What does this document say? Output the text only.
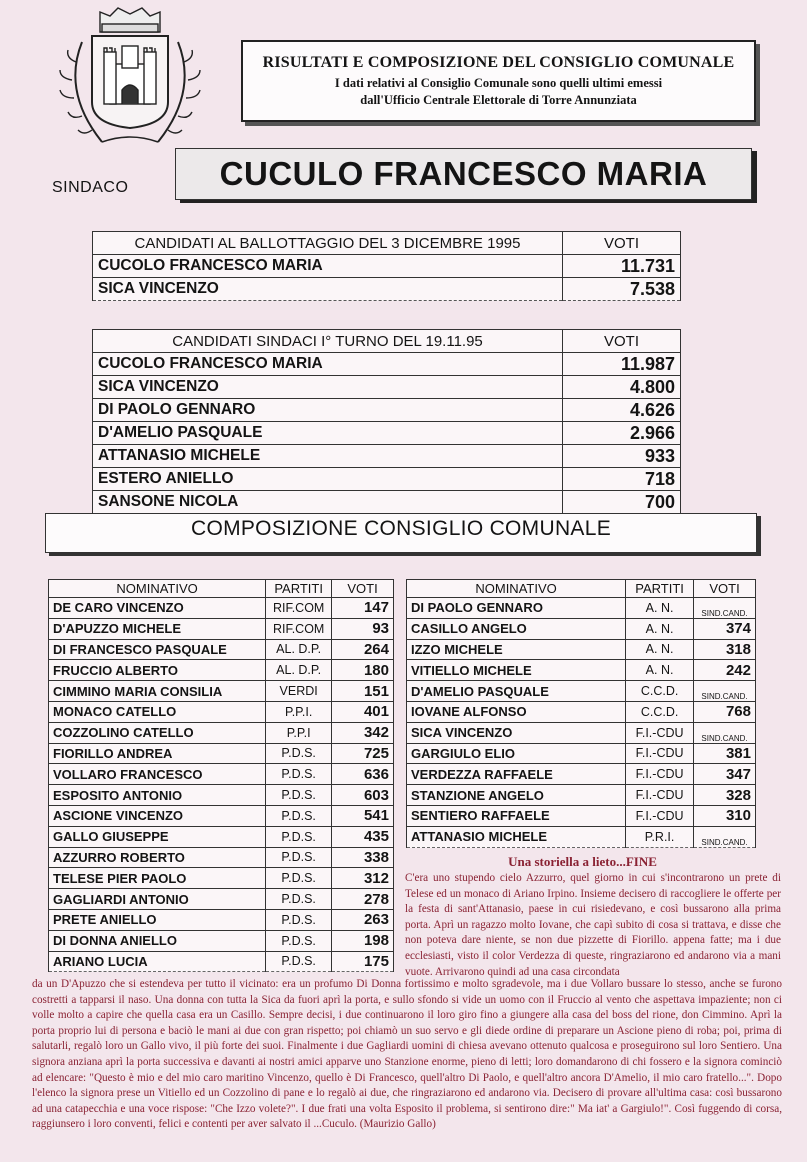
RISULTATI E COMPOSIZIONE DEL CONSIGLIO COMUNALE
I dati relativi al Consiglio Comunale sono quelli ultimi emessi
dall'Ufficio Centrale Elettorale di Torre Annunziata
SINDACO	CUCULO FRANCESCO MARIA
CANDIDATI AL BALLOTTAGGIO DEL 3 DICEMBRE 1995	VOTI
CUCOLO FRANCESCO MARIA	11.731
SICA VINCENZO	7.538
CANDIDATI SINDACI I° TURNO DEL 19.11.95	VOTI
CUCOLO FRANCESCO MARIA	11.987
SICA VINCENZO	4.800
DI PAOLO GENNARO	4.626
D'AMELIO PASQUALE	2.966
ATTANASIO MICHELE	933
ESTERO ANIELLO	718
SANSONE NICOLA	700
COMPOSIZIONE CONSIGLIO COMUNALE
NOMINATIVO	PARTITI	VOTI
DE CARO VINCENZO	RIF.COM	147
D'APUZZO MICHELE	RIF.COM	93
DI FRANCESCO PASQUALE	AL. D.P.	264
FRUCCIO ALBERTO	AL. D.P.	180
CIMMINO MARIA CONSILIA	VERDI	151
MONACO CATELLO	P.P.I.	401
COZZOLINO CATELLO	P.P.I	342
FIORILLO ANDREA	P.D.S.	725
VOLLARO FRANCESCO	P.D.S.	636
ESPOSITO ANTONIO	P.D.S.	603
ASCIONE VINCENZO	P.D.S.	541
GALLO GIUSEPPE	P.D.S.	435
AZZURRO ROBERTO	P.D.S.	338
TELESE PIER PAOLO	P.D.S.	312
GAGLIARDI ANTONIO	P.D.S.	278
PRETE ANIELLO	P.D.S.	263
DI DONNA ANIELLO	P.D.S.	198
ARIANO LUCIA	P.D.S.	175
NOMINATIVO	PARTITI	VOTI
DI PAOLO GENNARO	A. N.	SIND.CAND.
CASILLO ANGELO	A. N.	374
IZZO MICHELE	A. N.	318
VITIELLO MICHELE	A. N.	242
D'AMELIO PASQUALE	C.C.D.	SIND.CAND.
IOVANE ALFONSO	C.C.D.	768
SICA VINCENZO	F.I.-CDU	SIND.CAND.
GARGIULO ELIO	F.I.-CDU	381
VERDEZZA RAFFAELE	F.I.-CDU	347
STANZIONE ANGELO	F.I.-CDU	328
SENTIERO RAFFAELE	F.I.-CDU	310
ATTANASIO MICHELE	P.R.I.	SIND.CAND.
Una storiella a lieto...FINE
C'era uno stupendo cielo Azzurro, quel giorno in cui s'incontrarono un prete di Telese ed un monaco di Ariano Irpino. Insieme decisero di raccogliere le offerte per la festa di sant'Attanasio, paese in cui risiedevano, e così bussarono alla prima porta. Aprì un ragazzo molto Iovane, che capì subito di cosa si trattava, e disse che non poteva dare niente, se non due pizzette di Fiorillo. appena fatte; ma i due ecclesiasti, visto il color Verdezza di queste, ringraziarono ed andarono via a mani vuote. Arrivarono quindi ad una casa circondata
da un D'Apuzzo che si estendeva per tutto il vicinato: era un profumo Di Donna fortissimo e molto sgradevole, ma i due Vollaro bussare lo stesso, anche se furono costretti a tapparsi il naso. Una donna con tutta la Sica da fuori aprì la porta, e sullo sfondo si vide un uomo con il Fruccio al vento che aspettava impaziente; non ci volle molto a capire che quella casa era un Casillo. Sempre decisi, i due continuarono il loro giro fino a giungere alla casa del boss del rione, don Cimmino. Aprì la porta proprio lui di persona e baciò le mani ai due con gran rispetto; poi chiamò un suo servo e gli diede ordine di preparare un Ascione pieno di roba; poi, prima di salutarli, regalò loro un Gallo vivo, il più forte dei suoi. Finalmente i due Gagliardi uomini di chiesa avevano ottenuto qualcosa e proseguirono sul loro Sentiero. Una signora anziana aprì la porta successiva e davanti ai nostri amici apparve uno Stanzione enorme, pieno di letti; loro domandarono di chi fossero e la signora cominciò ad elencare: "Questo è mio e del mio caro maritino Vincenzo, quello è Di Francesco, quell'altro Di Paolo, e quell'altro ancora D'Amelio, il mio caro fratello...". Dopo l'elenco la signora prese un Vitiello ed un Cozzolino di pane e lo regalò ai due, che ringraziarono ed andarono via. Decisero di provare all'ultima casa: così bussarono ad una catapecchia e una voce rispose: "Che Izzo volete?". I due frati una volta Esposito il problema, si sentirono dire:" Ma iat' a Gargiulo!". Così fuggendo di corsa, raggiunsero i loro conventi, felici e contenti per aver salvato il ...Cuculo. (Maurizio Gallo)
